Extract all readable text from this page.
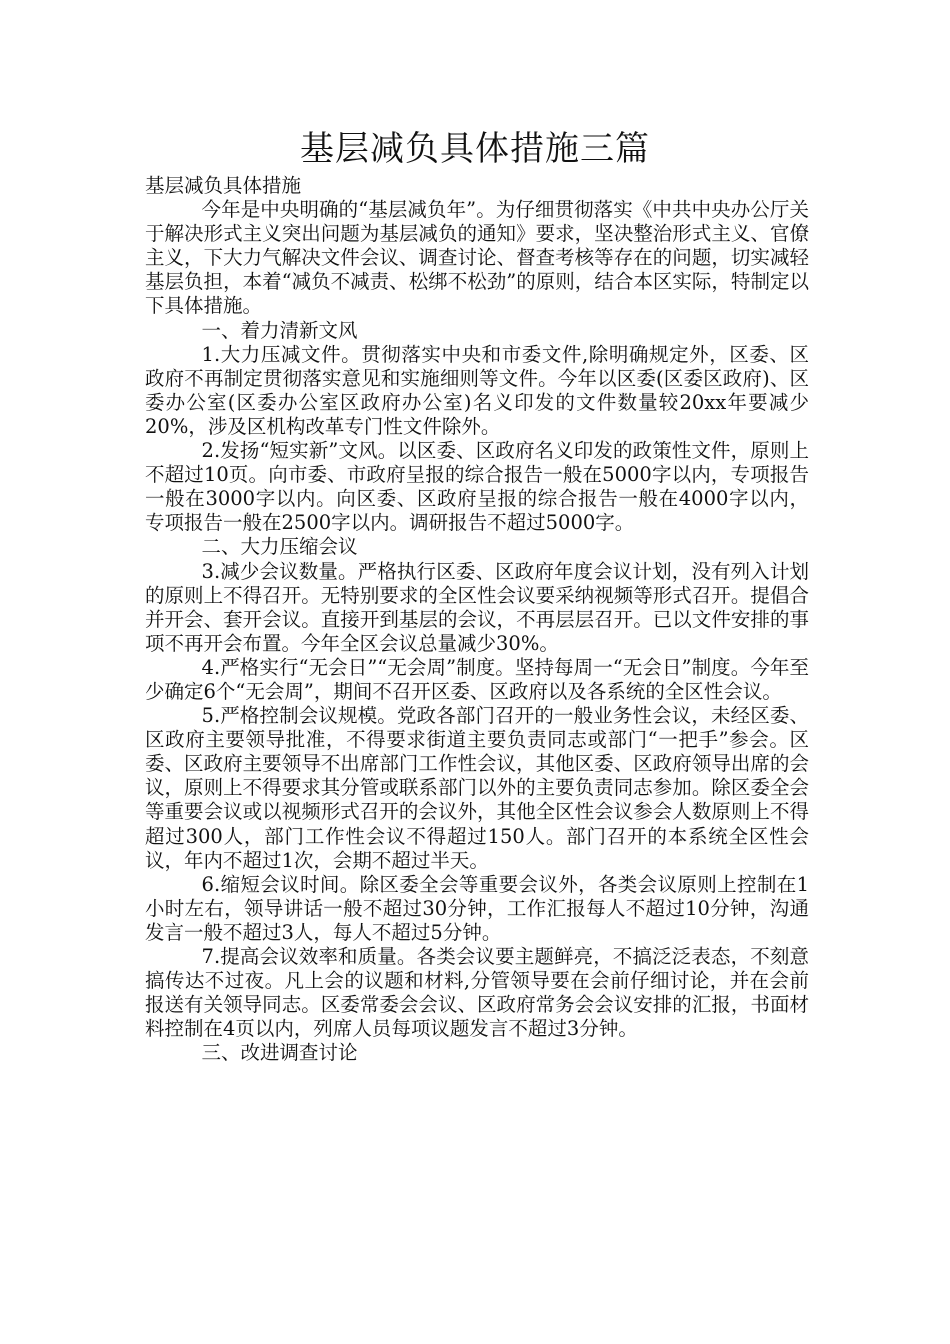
基层减负具体措施三篇

基层减负具体措施

今年是中央明确的“基层减负年”。为仔细贯彻落实《中共中央办公厅关于解决形式主义突出问题为基层减负的通知》要求，坚决整治形式主义、官僚主义，下大力气解决文件会议、调查讨论、督查考核等存在的问题，切实减轻基层负担，本着“减负不减责、松绑不松劲”的原则，结合本区实际，特制定以下具体措施。

一、着力清新文风

1.大力压减文件。贯彻落实中央和市委文件,除明确规定外，区委、区政府不再制定贯彻落实意见和实施细则等文件。今年以区委(区委区政府)、区委办公室(区委办公室区政府办公室)名义印发的文件数量较20xx年要减少20%，涉及区机构改革专门性文件除外。

2.发扬“短实新”文风。以区委、区政府名义印发的政策性文件，原则上不超过10页。向市委、市政府呈报的综合报告一般在5000字以内，专项报告一般在3000字以内。向区委、区政府呈报的综合报告一般在4000字以内，专项报告一般在2500字以内。调研报告不超过5000字。

二、大力压缩会议

3.减少会议数量。严格执行区委、区政府年度会议计划，没有列入计划的原则上不得召开。无特别要求的全区性会议要采纳视频等形式召开。提倡合并开会、套开会议。直接开到基层的会议，不再层层召开。已以文件安排的事项不再开会布置。今年全区会议总量减少30%。

4.严格实行“无会日”“无会周”制度。坚持每周一“无会日”制度。今年至少确定6个“无会周”，期间不召开区委、区政府以及各系统的全区性会议。

5.严格控制会议规模。党政各部门召开的一般业务性会议，未经区委、区政府主要领导批准，不得要求街道主要负责同志或部门“一把手”参会。区委、区政府主要领导不出席部门工作性会议，其他区委、区政府领导出席的会议，原则上不得要求其分管或联系部门以外的主要负责同志参加。除区委全会等重要会议或以视频形式召开的会议外，其他全区性会议参会人数原则上不得超过300人，部门工作性会议不得超过150人。部门召开的本系统全区性会议，年内不超过1次，会期不超过半天。

6.缩短会议时间。除区委全会等重要会议外，各类会议原则上控制在1小时左右，领导讲话一般不超过30分钟，工作汇报每人不超过10分钟，沟通发言一般不超过3人，每人不超过5分钟。

7.提高会议效率和质量。各类会议要主题鲜亮，不搞泛泛表态，不刻意搞传达不过夜。凡上会的议题和材料,分管领导要在会前仔细讨论，并在会前报送有关领导同志。区委常委会会议、区政府常务会会议安排的汇报，书面材料控制在4页以内，列席人员每项议题发言不超过3分钟。

三、改进调查讨论
